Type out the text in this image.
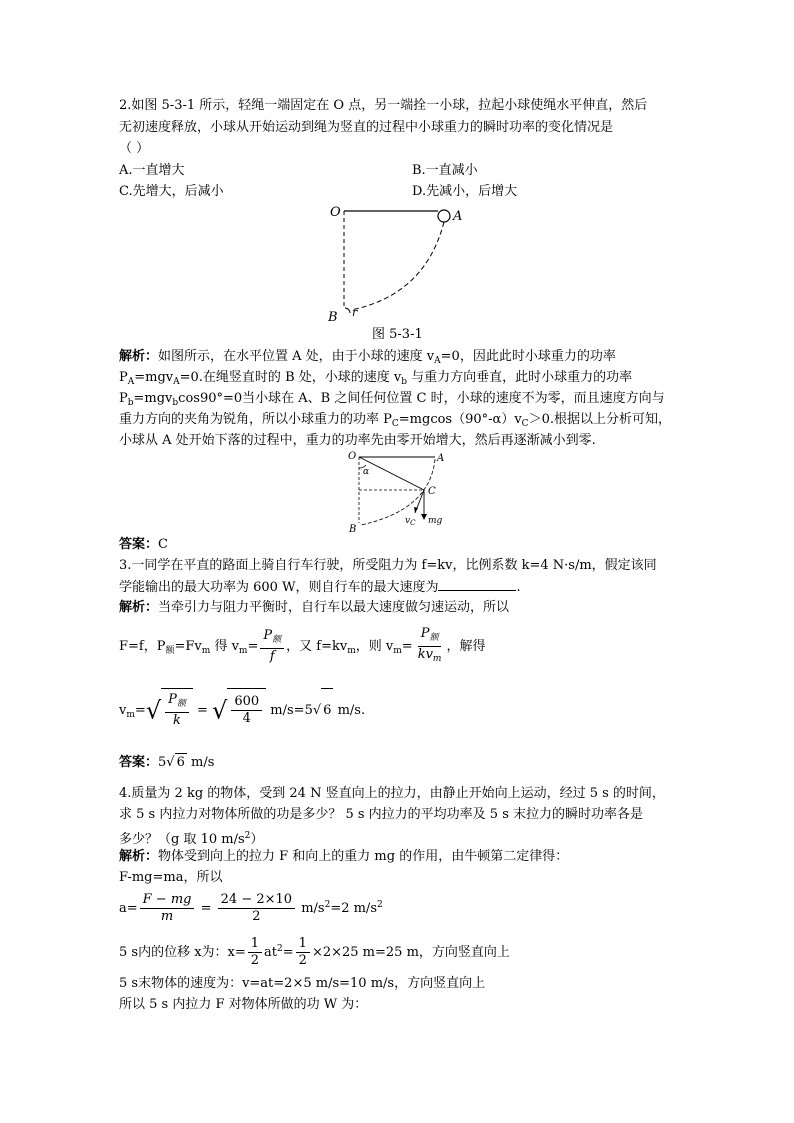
2.如图 5-3-1 所示，轻绳一端固定在 O 点，另一端拴一小球，拉起小球使绳水平伸直，然后
无初速度释放，小球从开始运动到绳为竖直的过程中小球重力的瞬时功率的变化情况是
（ ）
A.一直增大	B.一直减小
C.先增大，后减小	D.先减小，后增大
O	A
B r
图 5-3-1
解析：如图所示，在水平位置 A 处，由于小球的速度 $v_A=0$，因此此时小球重力的功率
$P_A=mgv_A=0$.在绳竖直时的 B 处，小球的速度 $v_b$ 与重力方向垂直，此时小球重力的功率
$P_b=mgv_b\cos 90^\circ=0$当小球在 A、B 之间任何位置 C 时，小球的速度不为零，而且速度方向与
重力方向的夹角为锐角，所以小球重力的功率 $P_C=mgcos(90^\circ-\alpha)v_C>0$.根据以上分析可知，
小球从 A 处开始下落的过程中，重力的功率先由零开始增大，然后再逐渐减小到零.
O	A
α
C
B
$v_C$ mg
答案：C
3.一同学在平直的路面上骑自行车行驶，所受阻力为 f=kv，比例系数 k=4 N·s/m，假定该同
学能输出的最大功率为 600 W，则自行车的最大速度为	.
解析：当牵引力与阻力平衡时，自行车以最大速度做匀速运动，所以
F=f，$P_额=Fv_m$ 得 $v_m= \frac{P_额}{f}$ ，又 $f=kv_m$，则 $v_m= \frac{P_额}{kv_m}$ ，解得
$v_m=√ \frac{P_额}{k}$ = √ $\frac{600}{4} m/s=5√$ 6 m/s.
答案：5√ 6 m/s
4.质量为 2 kg 的物体，受到 24 N 竖直向上的拉力，由静止开始向上运动，经过 5 s 的时间，
求 5 s 内拉力对物体所做的功是多少？ 5 s 内拉力的平均功率及 5 s 末拉力的瞬时功率各是
多少？（g 取 10 $m/s^2$）
解析：物体受到向上的拉力 F 和向上的重力 mg 的作用，由牛顿第二定律得：
F-mg=ma，所以
$a= \frac{F - mg}{m} = \frac{24 - 2\times 10}{2} m/s^2=2$ $m/s^2$
5 s内的位移 x为：$x= \frac{1}{2} at^2= \frac{1}{2} \times 2\times 25$ m=25 m，方向竖直向上
5 s末物体的速度为：v=at=2×5 m/s=10 m/s，方向竖直向上
所以 5 s 内拉力 F 对物体所做的功 W 为：
